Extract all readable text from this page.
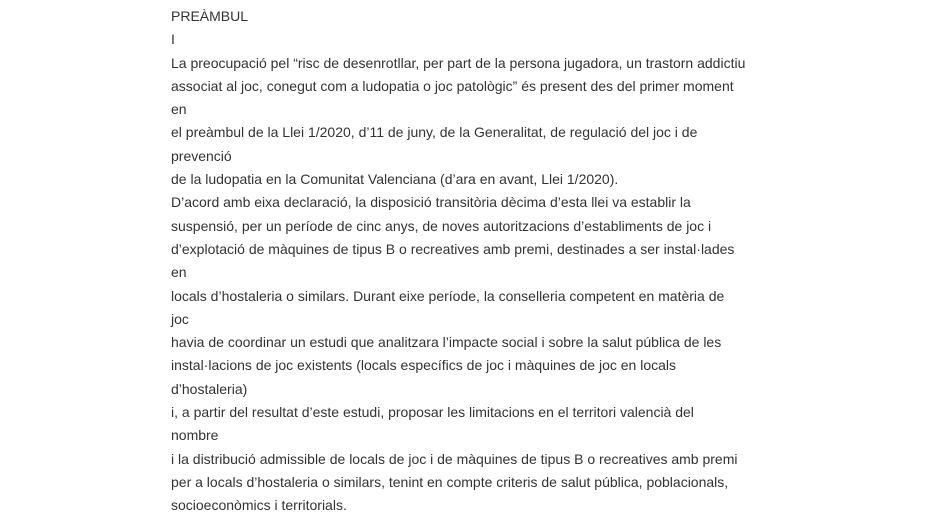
PREÀMBUL

I

La preocupació pel “risc de desenrotllar, per part de la persona jugadora, un trastorn addictiu

associat al joc, conegut com a ludopatia o joc patològic” és present des del primer moment

en

el preàmbul de la Llei 1/2020, d’11 de juny, de la Generalitat, de regulació del joc i de

prevenció

de la ludopatia en la Comunitat Valenciana (d’ara en avant, Llei 1/2020).

D’acord amb eixa declaració, la disposició transitòria dècima d’esta llei va establir la

suspensió, per un període de cinc anys, de noves autoritzacions d’establiments de joc i

d’explotació de màquines de tipus B o recreatives amb premi, destinades a ser instal·lades

en

locals d’hostaleria o similars. Durant eixe període, la conselleria competent en matèria de

joc

havia de coordinar un estudi que analitzara l’impacte social i sobre la salut pública de les

instal·lacions de joc existents (locals específics de joc i màquines de joc en locals

d’hostaleria)

i, a partir del resultat d’este estudi, proposar les limitacions en el territori valencià del

nombre

i la distribució admissible de locals de joc i de màquines de tipus B o recreatives amb premi

per a locals d’hostaleria o similars, tenint en compte criteris de salut pública, poblacionals,

socioeconòmics i territorials.
